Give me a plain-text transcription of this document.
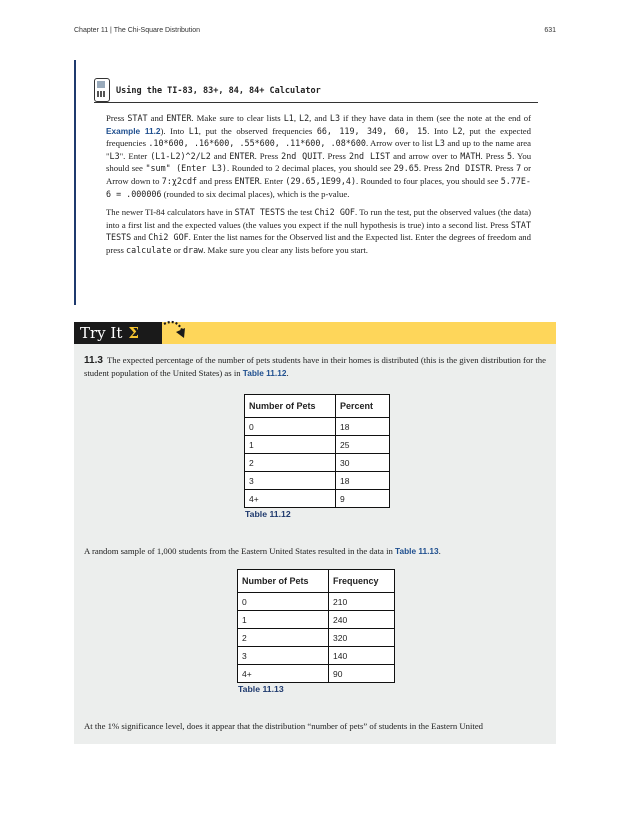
Chapter 11 | The Chi-Square Distribution	631
Using the TI-83, 83+, 84, 84+ Calculator

Press STAT and ENTER. Make sure to clear lists L1, L2, and L3 if they have data in them (see the note at the end of Example 11.2). Into L1, put the observed frequencies 66, 119, 349, 60, 15. Into L2, put the expected frequencies .10*600, .16*600, .55*600, .11*600, .08*600. Arrow over to list L3 and up to the name area "L3". Enter (L1-L2)^2/L2 and ENTER. Press 2nd QUIT. Press 2nd LIST and arrow over to MATH. Press 5. You should see "sum" (Enter L3). Rounded to 2 decimal places, you should see 29.65. Press 2nd DISTR. Press 7 or Arrow down to 7:χ2cdf and press ENTER. Enter (29.65,1E99,4). Rounded to four places, you should see 5.77E-6 = .000006 (rounded to six decimal places), which is the p-value.

The newer TI-84 calculators have in STAT TESTS the test Chi2 GOF. To run the test, put the observed values (the data) into a first list and the expected values (the values you expect if the null hypothesis is true) into a second list. Press STAT TESTS and Chi2 GOF. Enter the list names for the Observed list and the Expected list. Enter the degrees of freedom and press calculate or draw. Make sure you clear any lists before you start.

Try It Σ
11.3 The expected percentage of the number of pets students have in their homes is distributed (this is the given distribution for the student population of the United States) as in Table 11.12.
Number of Pets	Percent
0	18
1	25
2	30
3	18
4+	9
Table 11.12
A random sample of 1,000 students from the Eastern United States resulted in the data in Table 11.13.
Number of Pets	Frequency
0	210
1	240
2	320
3	140
4+	90
Table 11.13
At the 1% significance level, does it appear that the distribution “number of pets” of students in the Eastern United
